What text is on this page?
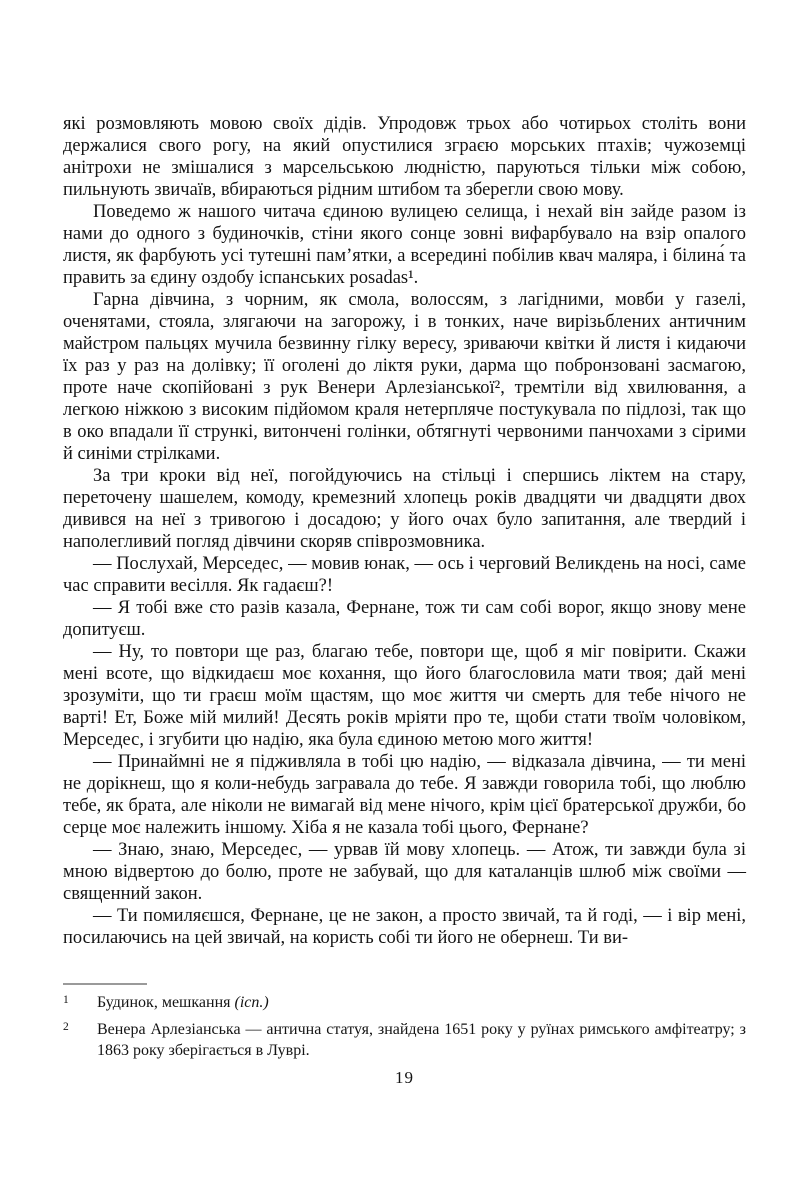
які розмовляють мовою своїх дідів. Упродовж трьох або чотирьох століть вони держалися свого рогу, на який опустилися зграєю морських птахів; чужоземці анітрохи не змішалися з марсельською людністю, паруються тільки між собою, пильнують звичаїв, вбираються рідним штибом та зберегли свою мову.

Поведемо ж нашого читача єдиною вулицею селища, і нехай він зайде разом із нами до одного з будиночків, стіни якого сонце зовні вифарбувало на взір опалого листя, як фарбують усі тутешні пам’ятки, а всередині побілив квач маляра, і білина́ та править за єдину оздобу іспанських posadas¹.

Гарна дівчина, з чорним, як смола, волоссям, з лагідними, мовби у газелі, оченятами, стояла, злягаючи на загорожу, і в тонких, наче вирізьблених античним майстром пальцях мучила безвинну гілку вересу, зриваючи квітки й листя і кидаючи їх раз у раз на долівку; її оголені до ліктя руки, дарма що побронзовані засмагою, проте наче скопійовані з рук Венери Арлезіанської², тремтіли від хвилювання, а легкою ніжкою з високим підйомом краля нетерпляче постукувала по підлозі, так що в око впадали її стрункі, витончені голінки, обтягнуті червоними панчохами з сірими й синіми стрілками.

За три кроки від неї, погойдуючись на стільці і спершись ліктем на стару, переточену шашелем, комоду, кремезний хлопець років двадцяти чи двадцяти двох дивився на неї з тривогою і досадою; у його очах було запитання, але твердий і наполегливий погляд дівчини скоряв співрозмовника.

— Послухай, Мерседес, — мовив юнак, — ось і черговий Великдень на носі, саме час справити весілля. Як гадаєш?!

— Я тобі вже сто разів казала, Фернане, тож ти сам собі ворог, якщо знову мене допитуєш.

— Ну, то повтори ще раз, благаю тебе, повтори ще, щоб я міг повірити. Скажи мені всоте, що відкидаєш моє кохання, що його благословила мати твоя; дай мені зрозуміти, що ти граєш моїм щастям, що моє життя чи смерть для тебе нічого не варті! Ет, Боже мій милий! Десять років мріяти про те, щоби стати твоїм чоловіком, Мерседес, і згубити цю надію, яка була єдиною метою мого життя!

— Принаймні не я підживляла в тобі цю надію, — відказала дівчина, — ти мені не дорікнеш, що я коли-небудь загравала до тебе. Я завжди говорила тобі, що люблю тебе, як брата, але ніколи не вимагай від мене нічого, крім цієї братерської дружби, бо серце моє належить іншому. Хіба я не казала тобі цього, Фернане?

— Знаю, знаю, Мерседес, — урвав їй мову хлопець. — Атож, ти завжди була зі мною відвертою до болю, проте не забувай, що для каталанців шлюб між своїми — священний закон.

— Ти помиляєшся, Фернане, це не закон, а просто звичай, та й годі, — і вір мені, посилаючись на цей звичай, на користь собі ти його не обернеш. Ти ви-

1 Будинок, мешкання (ісп.)
2 Венера Арлезіанська — антична статуя, знайдена 1651 року у руїнах римського амфітеатру; з 1863 року зберігається в Луврі.
19
